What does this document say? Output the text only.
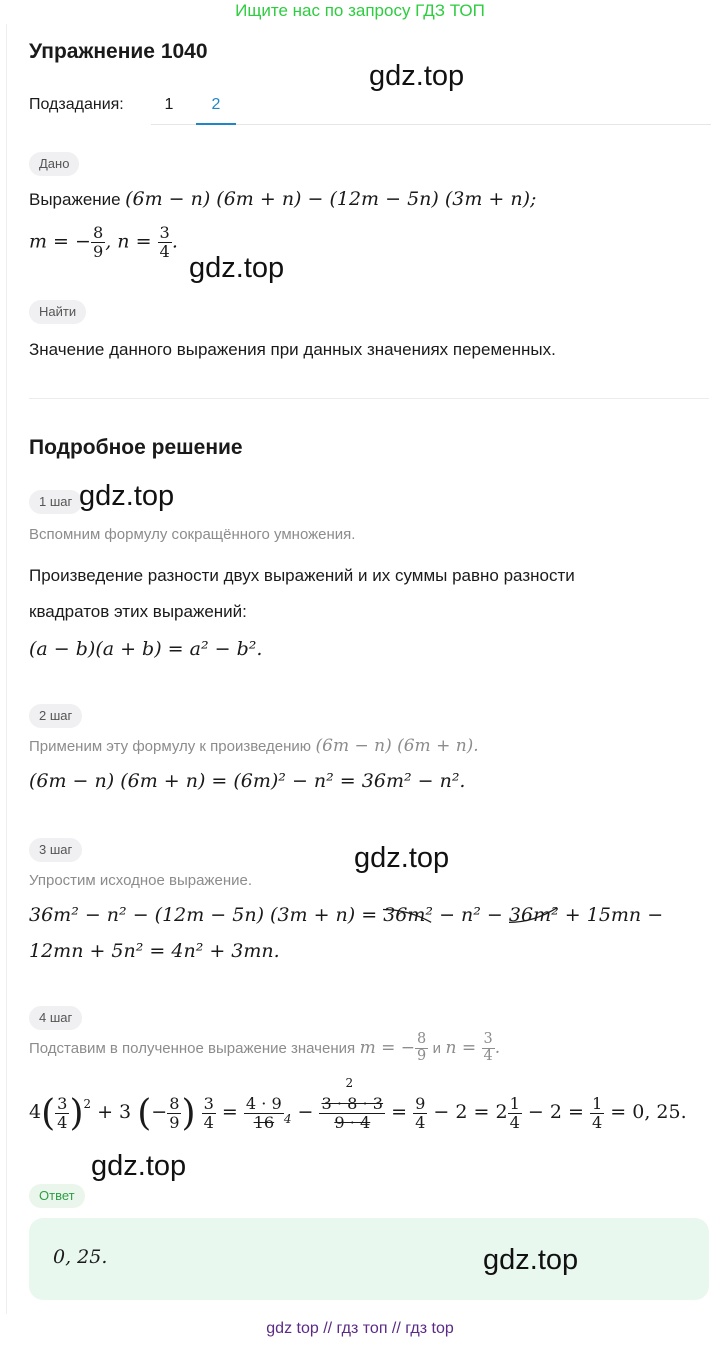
Ищите нас по запросу ГДЗ ТОП
Упражнение 1040
gdz.top
Подзадания:	1	2
Дано
Выражение (6m − n) (6m + n) − (12m − 5n) (3m + n);
m = − $\frac{8}{9}$ , $n = \frac{3}{4}$ .
gdz.top
Найти
Значение данного выражения при данных значениях переменных.
Подробное решение
1 шаг gdz.top
Вспомним формулу сокращённого умножения.
Произведение разности двух выражений и их суммы равно разности квадратов этих выражений:
(a − b)(a + b) = a² − b².
2 шаг
Применим эту формулу к произведению (6m − n) (6m + n).
(6m − n) (6m + n) = (6m)² − n² = 36m² − n².
3 шаг	gdz.top
Упростим исходное выражение.
36m² − n² − (12m − 5n) (3m + n) = 36m² − n² − 36m² + 15mn −
12mn + 5n² = 4n² + 3mn.
4 шаг
Подставим в полученное выражение значения m = − $\frac{8}{9}$ и $n = \frac{3}{4}$ .
$4( \frac{3}{4} )^2 + 3$ (− $\frac{8}{9}$ ) $\frac{3}{4} = \frac{4 \cdot 9}{16} _4$ −
2
3 · 8 · 3
9 · 4	= $\frac{9}{4} - 2 = 2 \frac{1}{4} - 2 = \frac{1}{4} = 0$, 25.
gdz.top
Ответ
0, 25.	gdz.top
gdz top // гдз топ // гдз top
